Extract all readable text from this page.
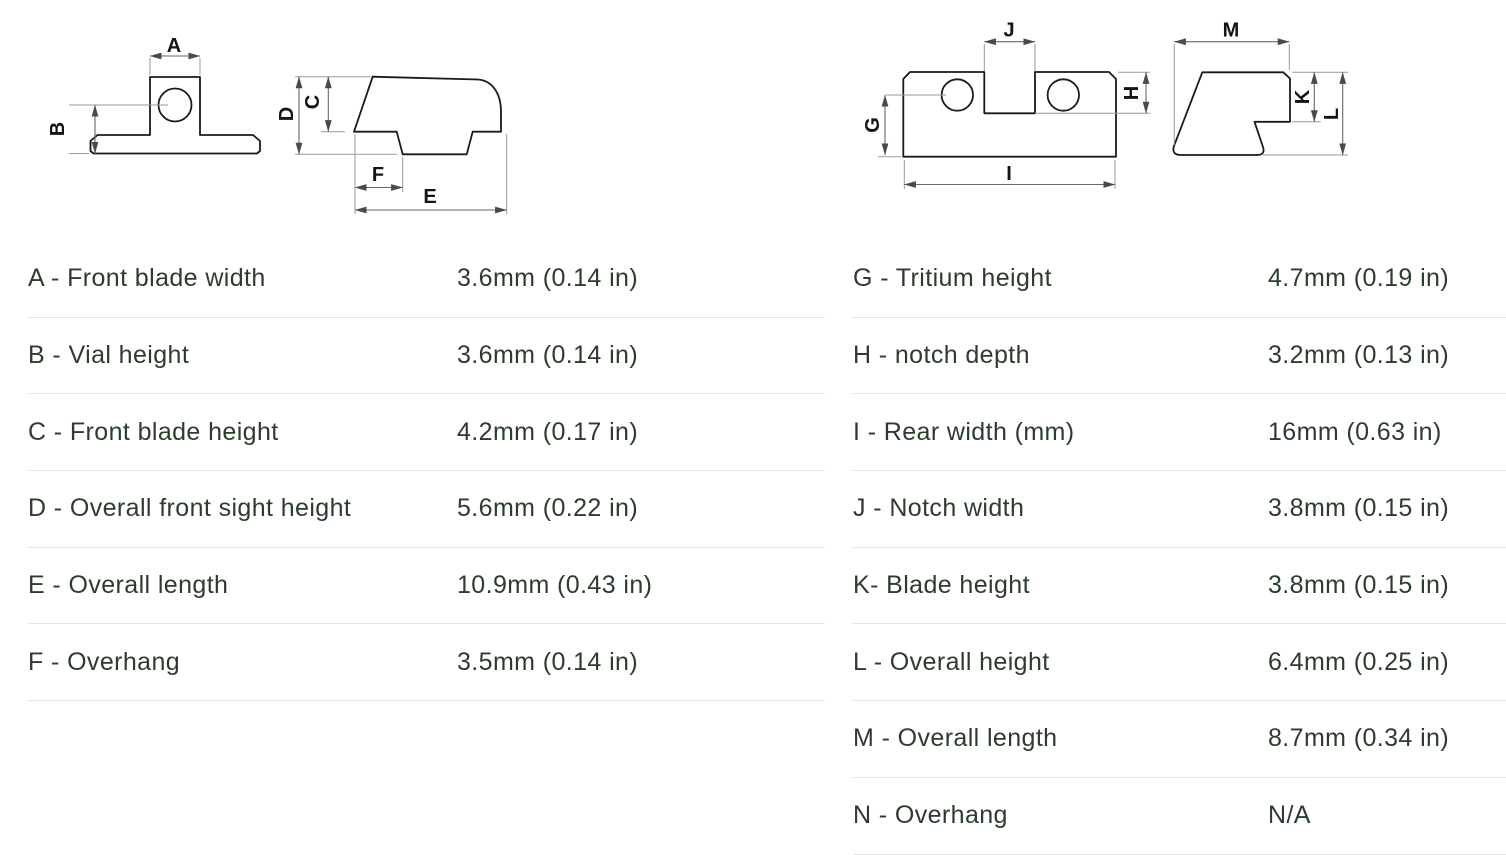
A
B
C
D
F
E
J
H
G
I
M
K
L
A - Front blade width	3.6mm (0.14 in)
B - Vial height	3.6mm (0.14 in)
C - Front blade height	4.2mm (0.17 in)
D - Overall front sight height	5.6mm (0.22 in)
E - Overall length	10.9mm (0.43 in)
F - Overhang	3.5mm (0.14 in)
G - Tritium height	4.7mm (0.19 in)
H - notch depth	3.2mm (0.13 in)
I - Rear width (mm)	16mm (0.63 in)
J - Notch width	3.8mm (0.15 in)
K- Blade height	3.8mm (0.15 in)
L - Overall height	6.4mm (0.25 in)
M - Overall length	8.7mm (0.34 in)
N - Overhang	N/A
